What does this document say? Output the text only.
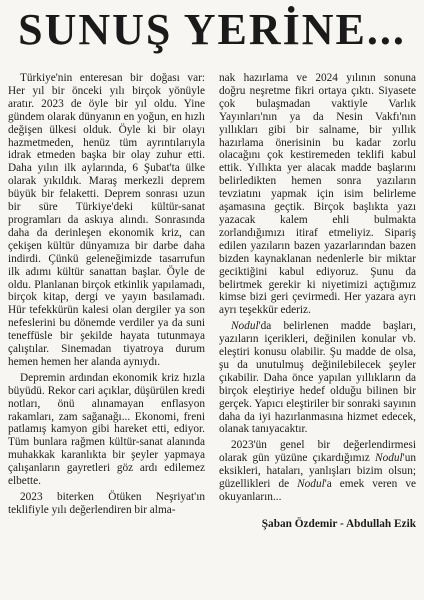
SUNUŞ YERİNE...

Türkiye'nin enteresan bir doğası var: Her yıl bir önceki yılı birçok yönüyle aratır. 2023 de öyle bir yıl oldu. Yine gündem olarak dünyanın en yoğun, en hızlı değişen ülkesi olduk. Öyle ki bir olayı hazmetmeden, henüz tüm ayrıntılarıyla idrak etmeden başka bir olay zuhur etti. Daha yılın ilk aylarında, 6 Şubat'ta ülke olarak yıkıldık. Maraş merkezli deprem büyük bir felaketti. Deprem sonrası uzun bir süre Türkiye'deki kültür-sanat programları da askıya alındı. Sonrasında daha da derinleşen ekonomik kriz, can çekişen kültür dünyamıza bir darbe daha indirdi. Çünkü geleneğimizde tasarrufun ilk adımı kültür sanattan başlar. Öyle de oldu. Planlanan birçok etkinlik yapılamadı, birçok kitap, dergi ve yayın basılamadı. Hür tefekkürün kalesi olan dergiler ya son nefeslerini bu dönemde verdiler ya da suni teneffüsle bir şekilde hayata tutunmaya çalıştılar. Sinemadan tiyatroya durum hemen hemen her alanda aynıydı.

Depremin ardından ekonomik kriz hızla büyüdü. Rekor cari açıklar, düşürülen kredi notları, önü alınamayan enflasyon rakamları, zam sağanağı... Ekonomi, freni patlamış kamyon gibi hareket etti, ediyor. Tüm bunlara rağmen kültür-sanat alanında muhakkak karanlıkta bir şeyler yapmaya çalışanların gayretleri göz ardı edilemez elbette.

2023 biterken Ötüken Neşriyat'ın teklifiyle yılı değerlendiren bir alma-

nak hazırlama ve 2024 yılının sonuna doğru neşretme fikri ortaya çıktı. Siyasete çok bulaşmadan vaktiyle Varlık Yayınları'nın ya da Nesin Vakfı'nın yıllıkları gibi bir salname, bir yıllık hazırlama önerisinin bu kadar zorlu olacağını çok kestiremeden teklifi kabul ettik. Yıllıkta yer alacak madde başlarını belirledikten hemen sonra yazıların tevziatını yapmak için isim belirleme aşamasına geçtik. Birçok başlıkta yazı yazacak kalem ehli bulmakta zorlandığımızı itiraf etmeliyiz. Sipariş edilen yazıların bazen yazarlarından bazen bizden kaynaklanan nedenlerle bir miktar geciktiğini kabul ediyoruz. Şunu da belirtmek gerekir ki niyetimizi açtığımız kimse bizi geri çevirmedi. Her yazara ayrı ayrı teşekkür ederiz.

Nodul'da belirlenen madde başları, yazıların içerikleri, değinilen konular vb. eleştiri konusu olabilir. Şu madde de olsa, şu da unutulmuş değinilebilecek şeyler çıkabilir. Daha önce yapılan yıllıkların da birçok eleştiriye hedef olduğu bilinen bir gerçek. Yapıcı eleştiriler bir sonraki sayının daha da iyi hazırlanmasına hizmet edecek, olanak tanıyacaktır.

2023'ün genel bir değerlendirmesi olarak gün yüzüne çıkardığımız Nodul'un eksikleri, hataları, yanlışları bizim olsun; güzellikleri de Nodul'a emek veren ve okuyanların...

Şaban Özdemir - Abdullah Ezik
